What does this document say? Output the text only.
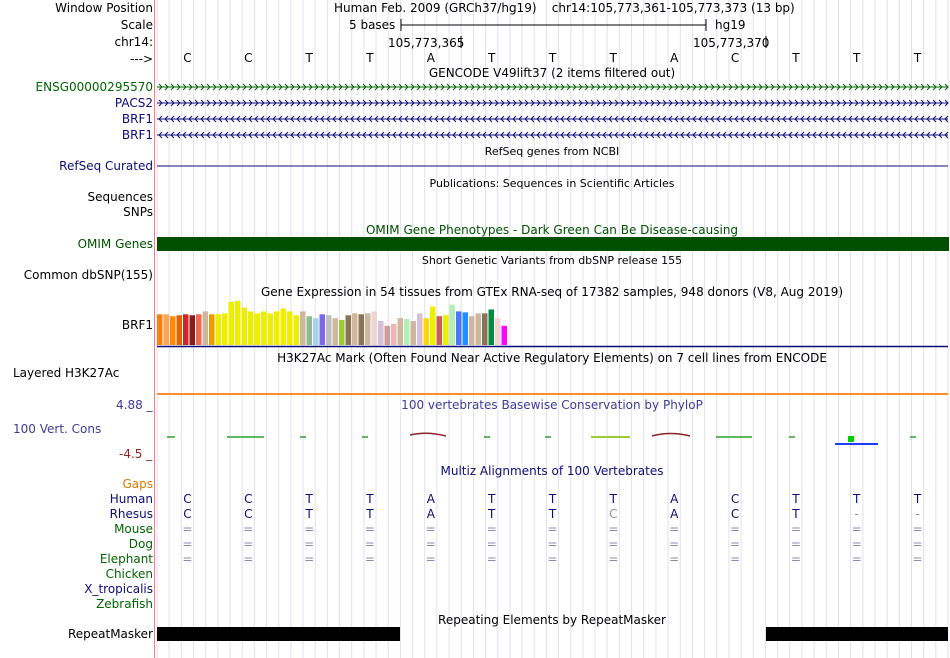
Window Position	Human Feb. 2009 (GRCh37/hg19)    chr14:105,773,361-105,773,373 (13 bp)
Scale	5 bases	hg19
chr14:	105,773,365	105,773,370
--->	C	C	T	T	A	T	T	T	A	C	T	T	T
GENCODE V49lift37 (2 items filtered out)
ENSG00000295570
PACS2
BRF1
BRF1
RefSeq genes from NCBI
RefSeq Curated
Publications: Sequences in Scientific Articles
Sequences
SNPs
OMIM Gene Phenotypes - Dark Green Can Be Disease-causing
OMIM Genes
Short Genetic Variants from dbSNP release 155
Common dbSNP(155)
Gene Expression in 54 tissues from GTEx RNA-seq of 17382 samples, 948 donors (V8, Aug 2019)
BRF1
H3K27Ac Mark (Often Found Near Active Regulatory Elements) on 7 cell lines from ENCODE
Layered H3K27Ac
100 vertebrates Basewise Conservation by PhyloP
4.88 _
100 Vert. Cons
-4.5 _
Multiz Alignments of 100 Vertebrates
Gaps
Human	C	C	T	T	A	T	T	T	A	C	T	T	T
Rhesus	C	C	T	T	A	T	T	C	A	C	T	-	-
Mouse =	=	=	=	=	=	=	=	=	=	=	=	=
Dog =	=	=	=	=	=	=	=	=	=	=	=	=
Elephant =	=	=	=	=	=	=	=	=	=	=	=	=
Chicken
X_tropicalis
Zebrafish
Repeating Elements by RepeatMasker
RepeatMasker
